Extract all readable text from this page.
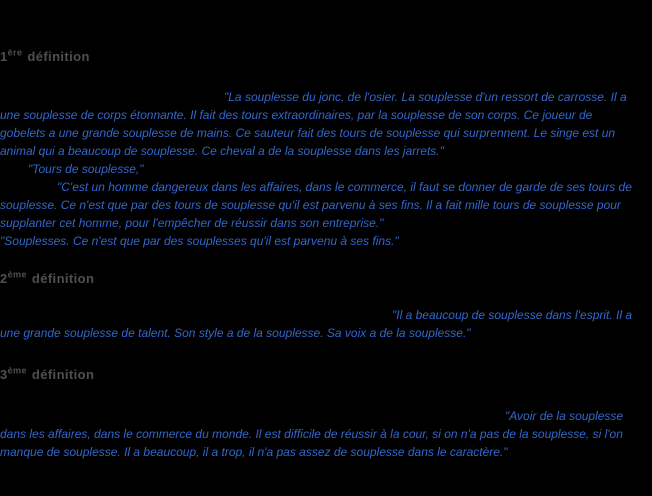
1ère définition
"La souplesse du jonc, de l'osier. La souplesse d'un ressort de carrosse. Il a
une souplesse de corps étonnante. Il fait des tours extraordinaires, par la souplesse de son corps. Ce joueur de
gobelets a une grande souplesse de mains. Ce sauteur fait des tours de souplesse qui surprennent. Le singe est un
animal qui a beaucoup de souplesse. Ce cheval a de la souplesse dans les jarrets."
"Tours de souplesse,"
"C'est un homme dangereux dans les affaires, dans le commerce, il faut se donner de garde de ses tours de
souplesse. Ce n'est que par des tours de souplesse qu'il est parvenu à ses fins. Il a fait mille tours de souplesse pour
supplanter cet homme, pour l'empêcher de réussir dans son entreprise."
"Souplesses. Ce n'est que par des souplesses qu'il est parvenu à ses fins."
2ème définition
"Il a beaucoup de souplesse dans l'esprit. Il a
une grande souplesse de talent. Son style a de la souplesse. Sa voix a de la souplesse."
3ème définition
"Avoir de la souplesse
dans les affaires, dans le commerce du monde. Il est difficile de réussir à la cour, si on n'a pas de la souplesse, si l'on
manque de souplesse. Il a beaucoup, il a trop, il n'a pas assez de souplesse dans le caractère."
